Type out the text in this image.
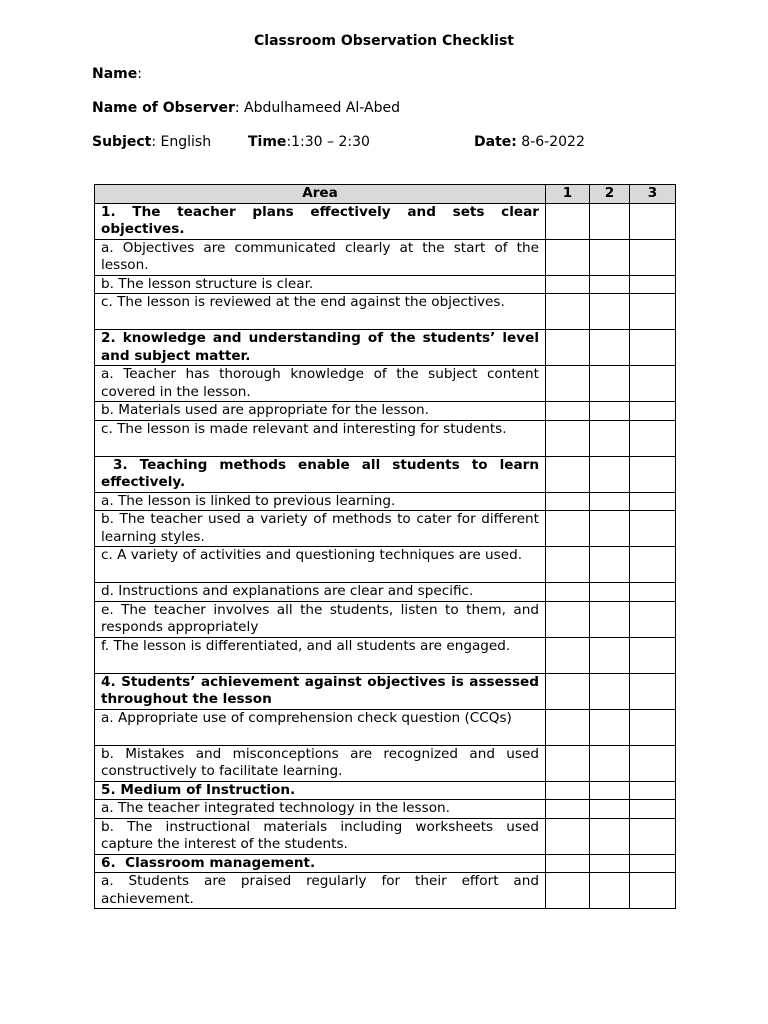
Classroom Observation Checklist
Name:
Name of Observer: Abdulhameed Al-Abed
Subject: English	Time:1:30 – 2:30	Date: 8-6-2022
Area	1	2	3
1. The teacher plans effectively and sets clear objectives.			
a. Objectives are communicated clearly at the start of the lesson.			
b. The lesson structure is clear.			
c. The lesson is reviewed at the end against the objectives.			
2. knowledge and understanding of the students’ level and subject matter.			
a. Teacher has thorough knowledge of the subject content covered in the lesson.			
b. Materials used are appropriate for the lesson.			
c. The lesson is made relevant and interesting for students.			
3. Teaching methods enable all students to learn effectively.			
a. The lesson is linked to previous learning.			
b. The teacher used a variety of methods to cater for different learning styles.			
c. A variety of activities and questioning techniques are used.			
d. Instructions and explanations are clear and specific.			
e. The teacher involves all the students, listen to them, and responds appropriately			
f. The lesson is differentiated, and all students are engaged.			
4. Students’ achievement against objectives is assessed throughout the lesson			
a. Appropriate use of comprehension check question (CCQs)			
b. Mistakes and misconceptions are recognized and used constructively to facilitate learning.			
5. Medium of Instruction.			
a. The teacher integrated technology in the lesson.			
b. The instructional materials including worksheets used capture the interest of the students.			
6.  Classroom management.			
a. Students are praised regularly for their effort and achievement.			
